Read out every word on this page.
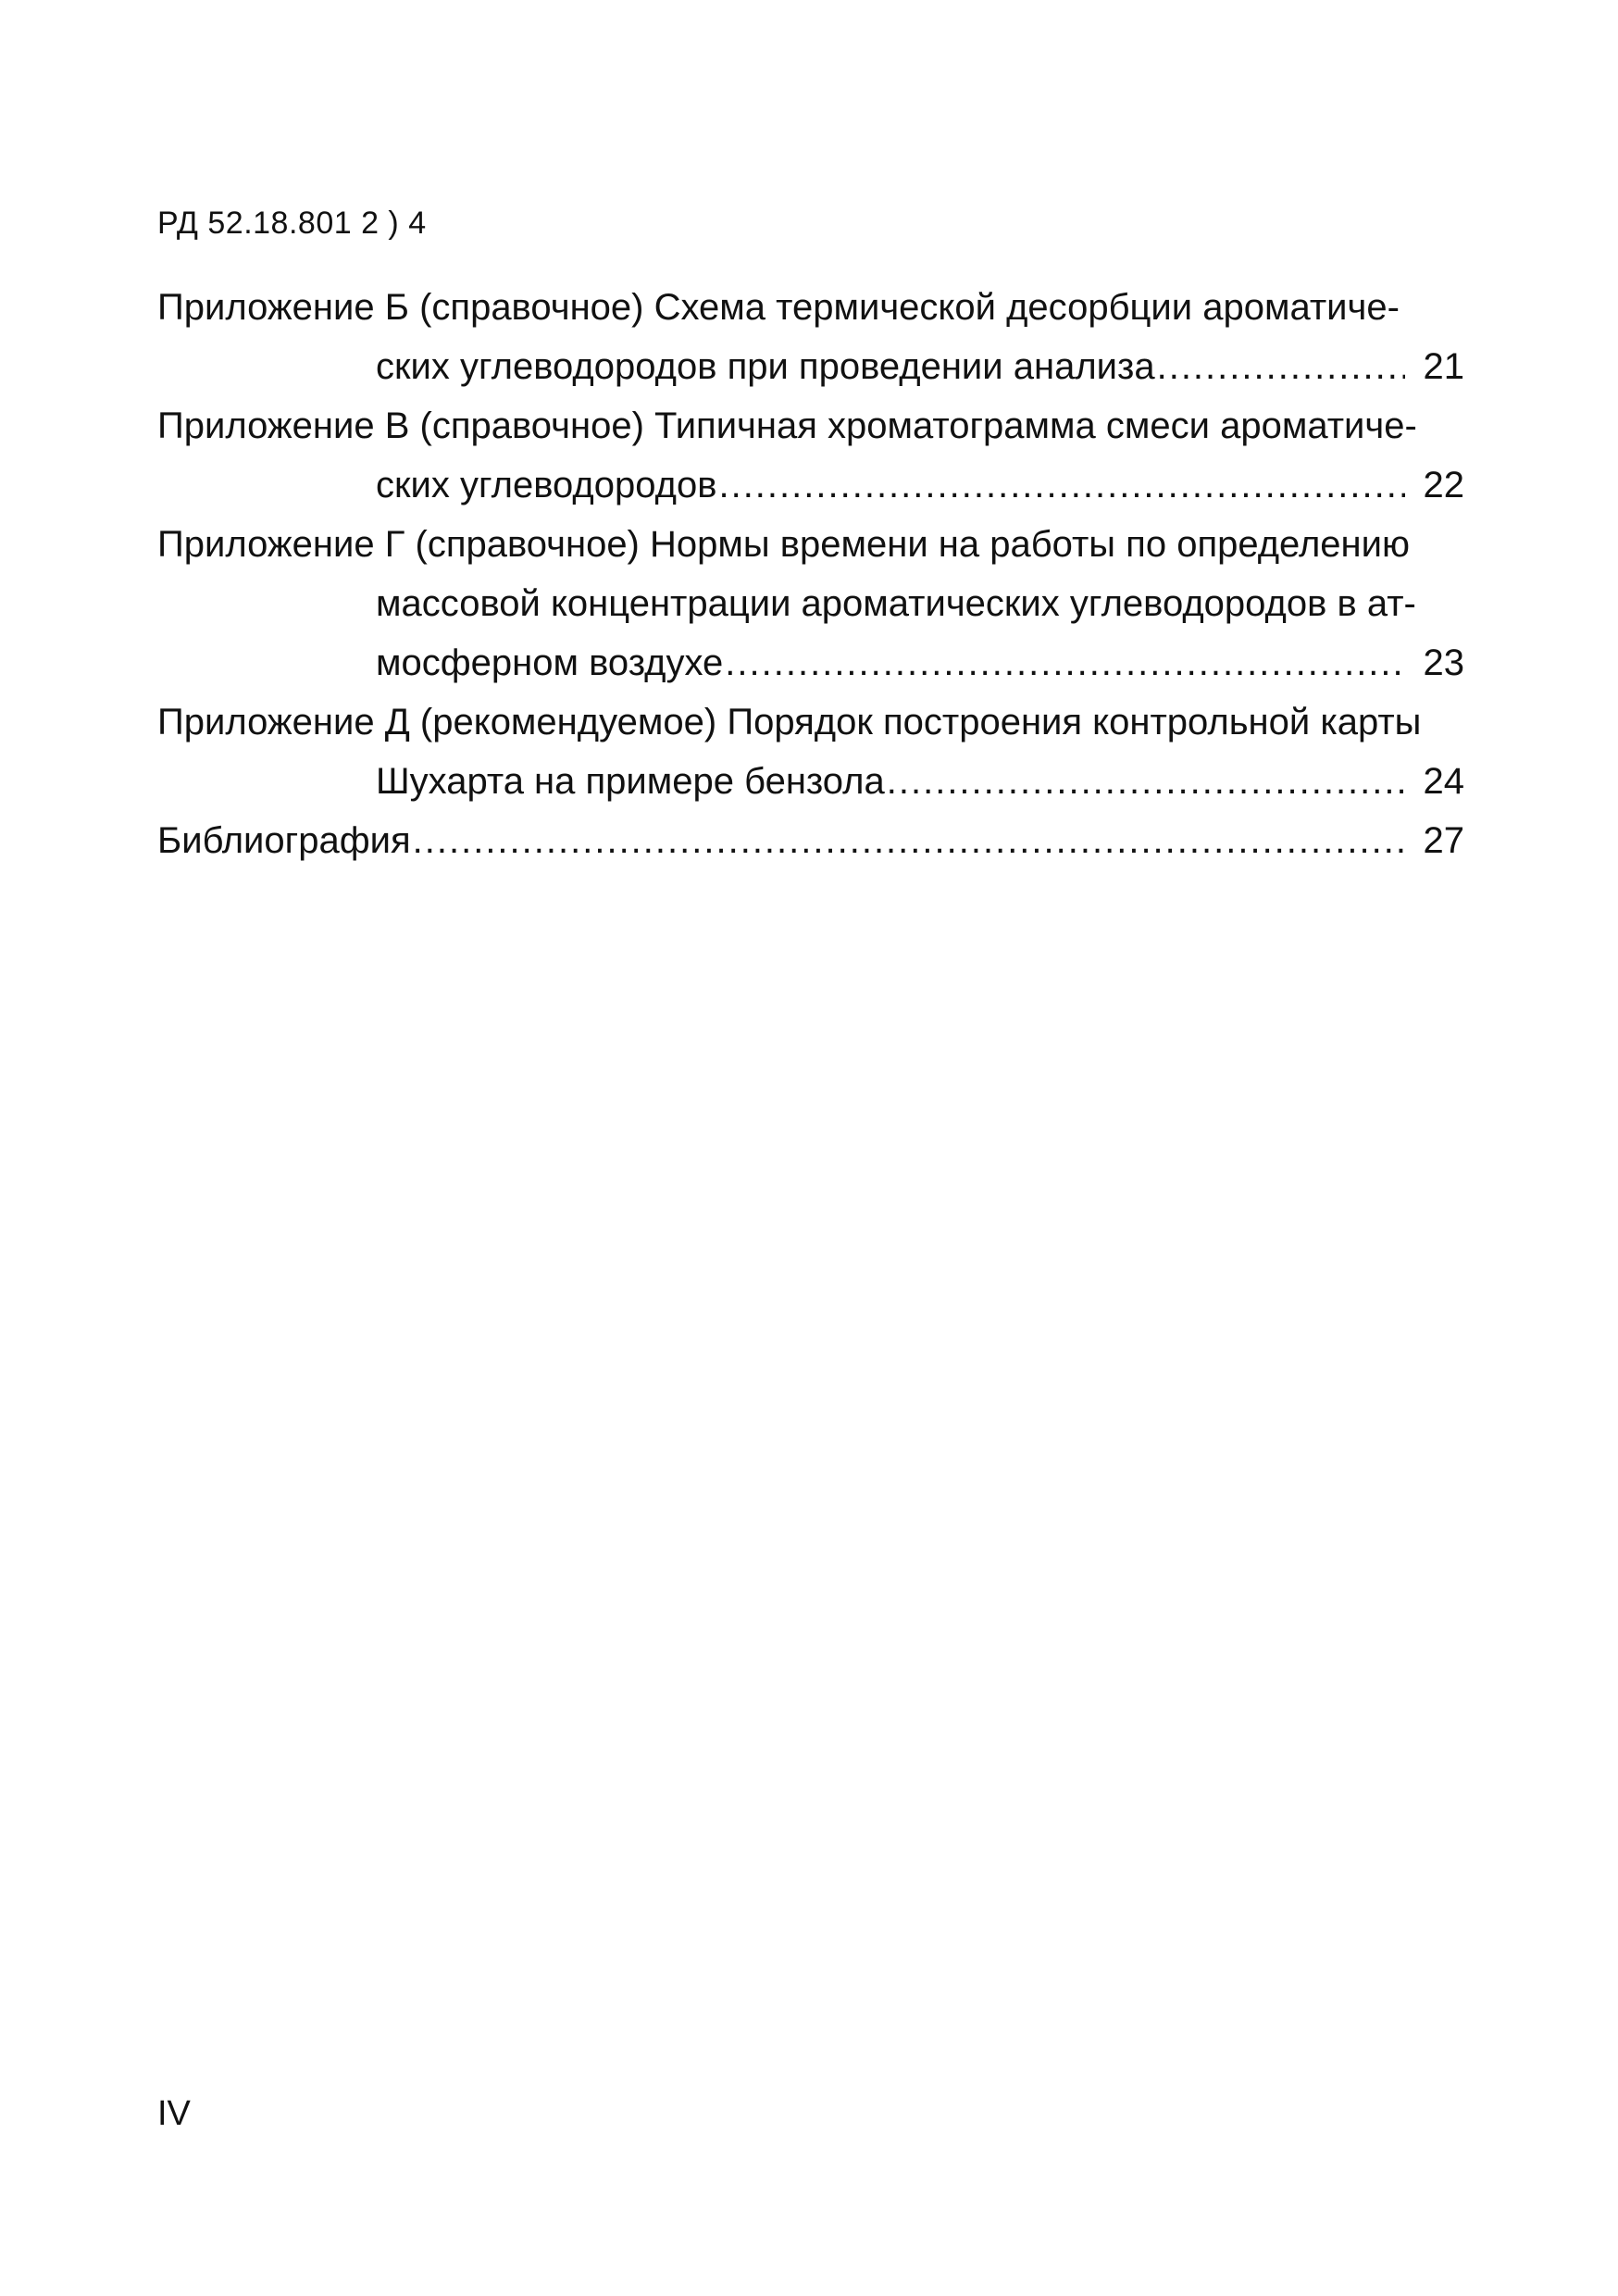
РД 52.18.801 2 ) 4
Приложение Б (справочное) Схема термической десорбции ароматиче-
ских углеводородов при проведении анализа .....	21
Приложение В (справочное) Типичная хроматограмма смеси ароматиче-
ских углеводородов .....	22
Приложение Г (справочное) Нормы времени на работы по определению
массовой концентрации ароматических углеводородов в ат-
мосферном воздухе .....	23
Приложение Д (рекомендуемое) Порядок построения контрольной карты
Шухарта на примере бензола .....	24
Библиография .....	27
IV
